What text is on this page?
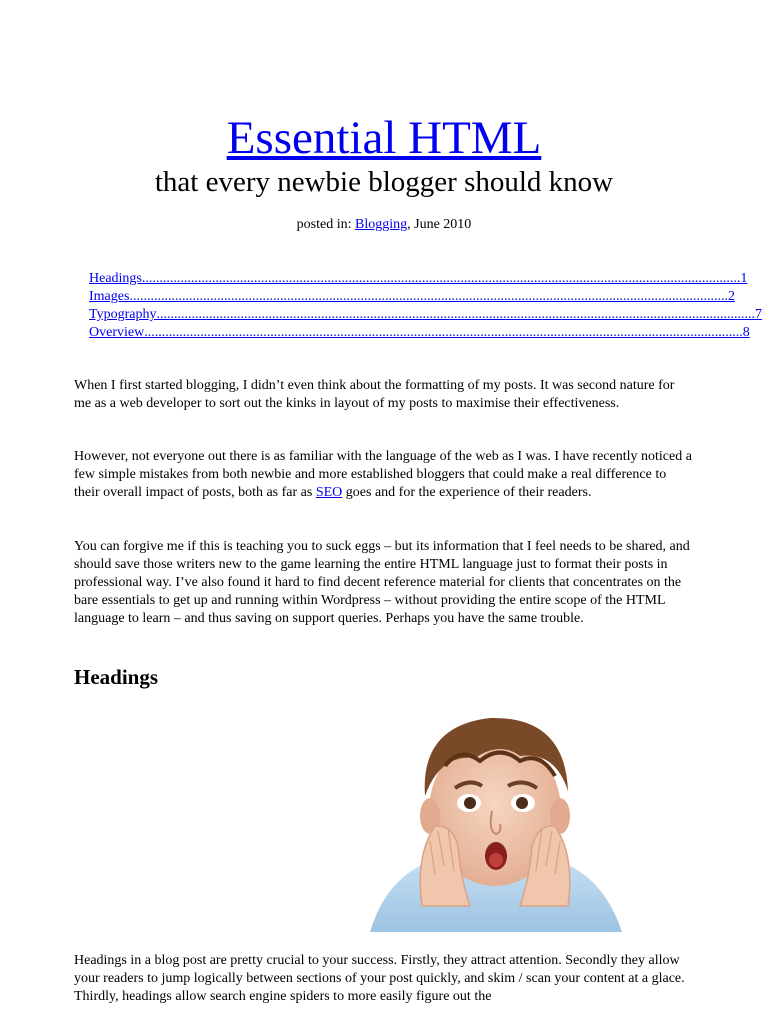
Essential HTML
that every newbie blogger should know
posted in: Blogging, June 2010
Headings ........................................................................................................................................................................... 1
Images ........................................................................................................................................................................... 2
Typography ........................................................................................................................................................................... 7
Overview ........................................................................................................................................................................... 8

When I first started blogging, I didn’t even think about the formatting of my posts. It was second nature for me as a web developer to sort out the kinks in layout of my posts to maximise their effectiveness.

However, not everyone out there is as familiar with the language of the web as I was. I have recently noticed a few simple mistakes from both newbie and more established bloggers that could make a real difference to their overall impact of posts, both as far as SEO goes and for the experience of their readers.

You can forgive me if this is teaching you to suck eggs – but its information that I feel needs to be shared, and should save those writers new to the game learning the entire HTML language just to format their posts in professional way. I’ve also found it hard to find decent reference material for clients that concentrates on the bare essentials to get up and running within Wordpress – without providing the entire scope of the HTML language to learn – and thus saving on support queries. Perhaps you have the same trouble.

Headings

Headings in a blog post are pretty crucial to your success. Firstly, they attract attention. Secondly they allow your readers to jump logically between sections of your post quickly, and skim / scan your content at a glace. Thirdly, headings allow search engine spiders to more easily figure out the
